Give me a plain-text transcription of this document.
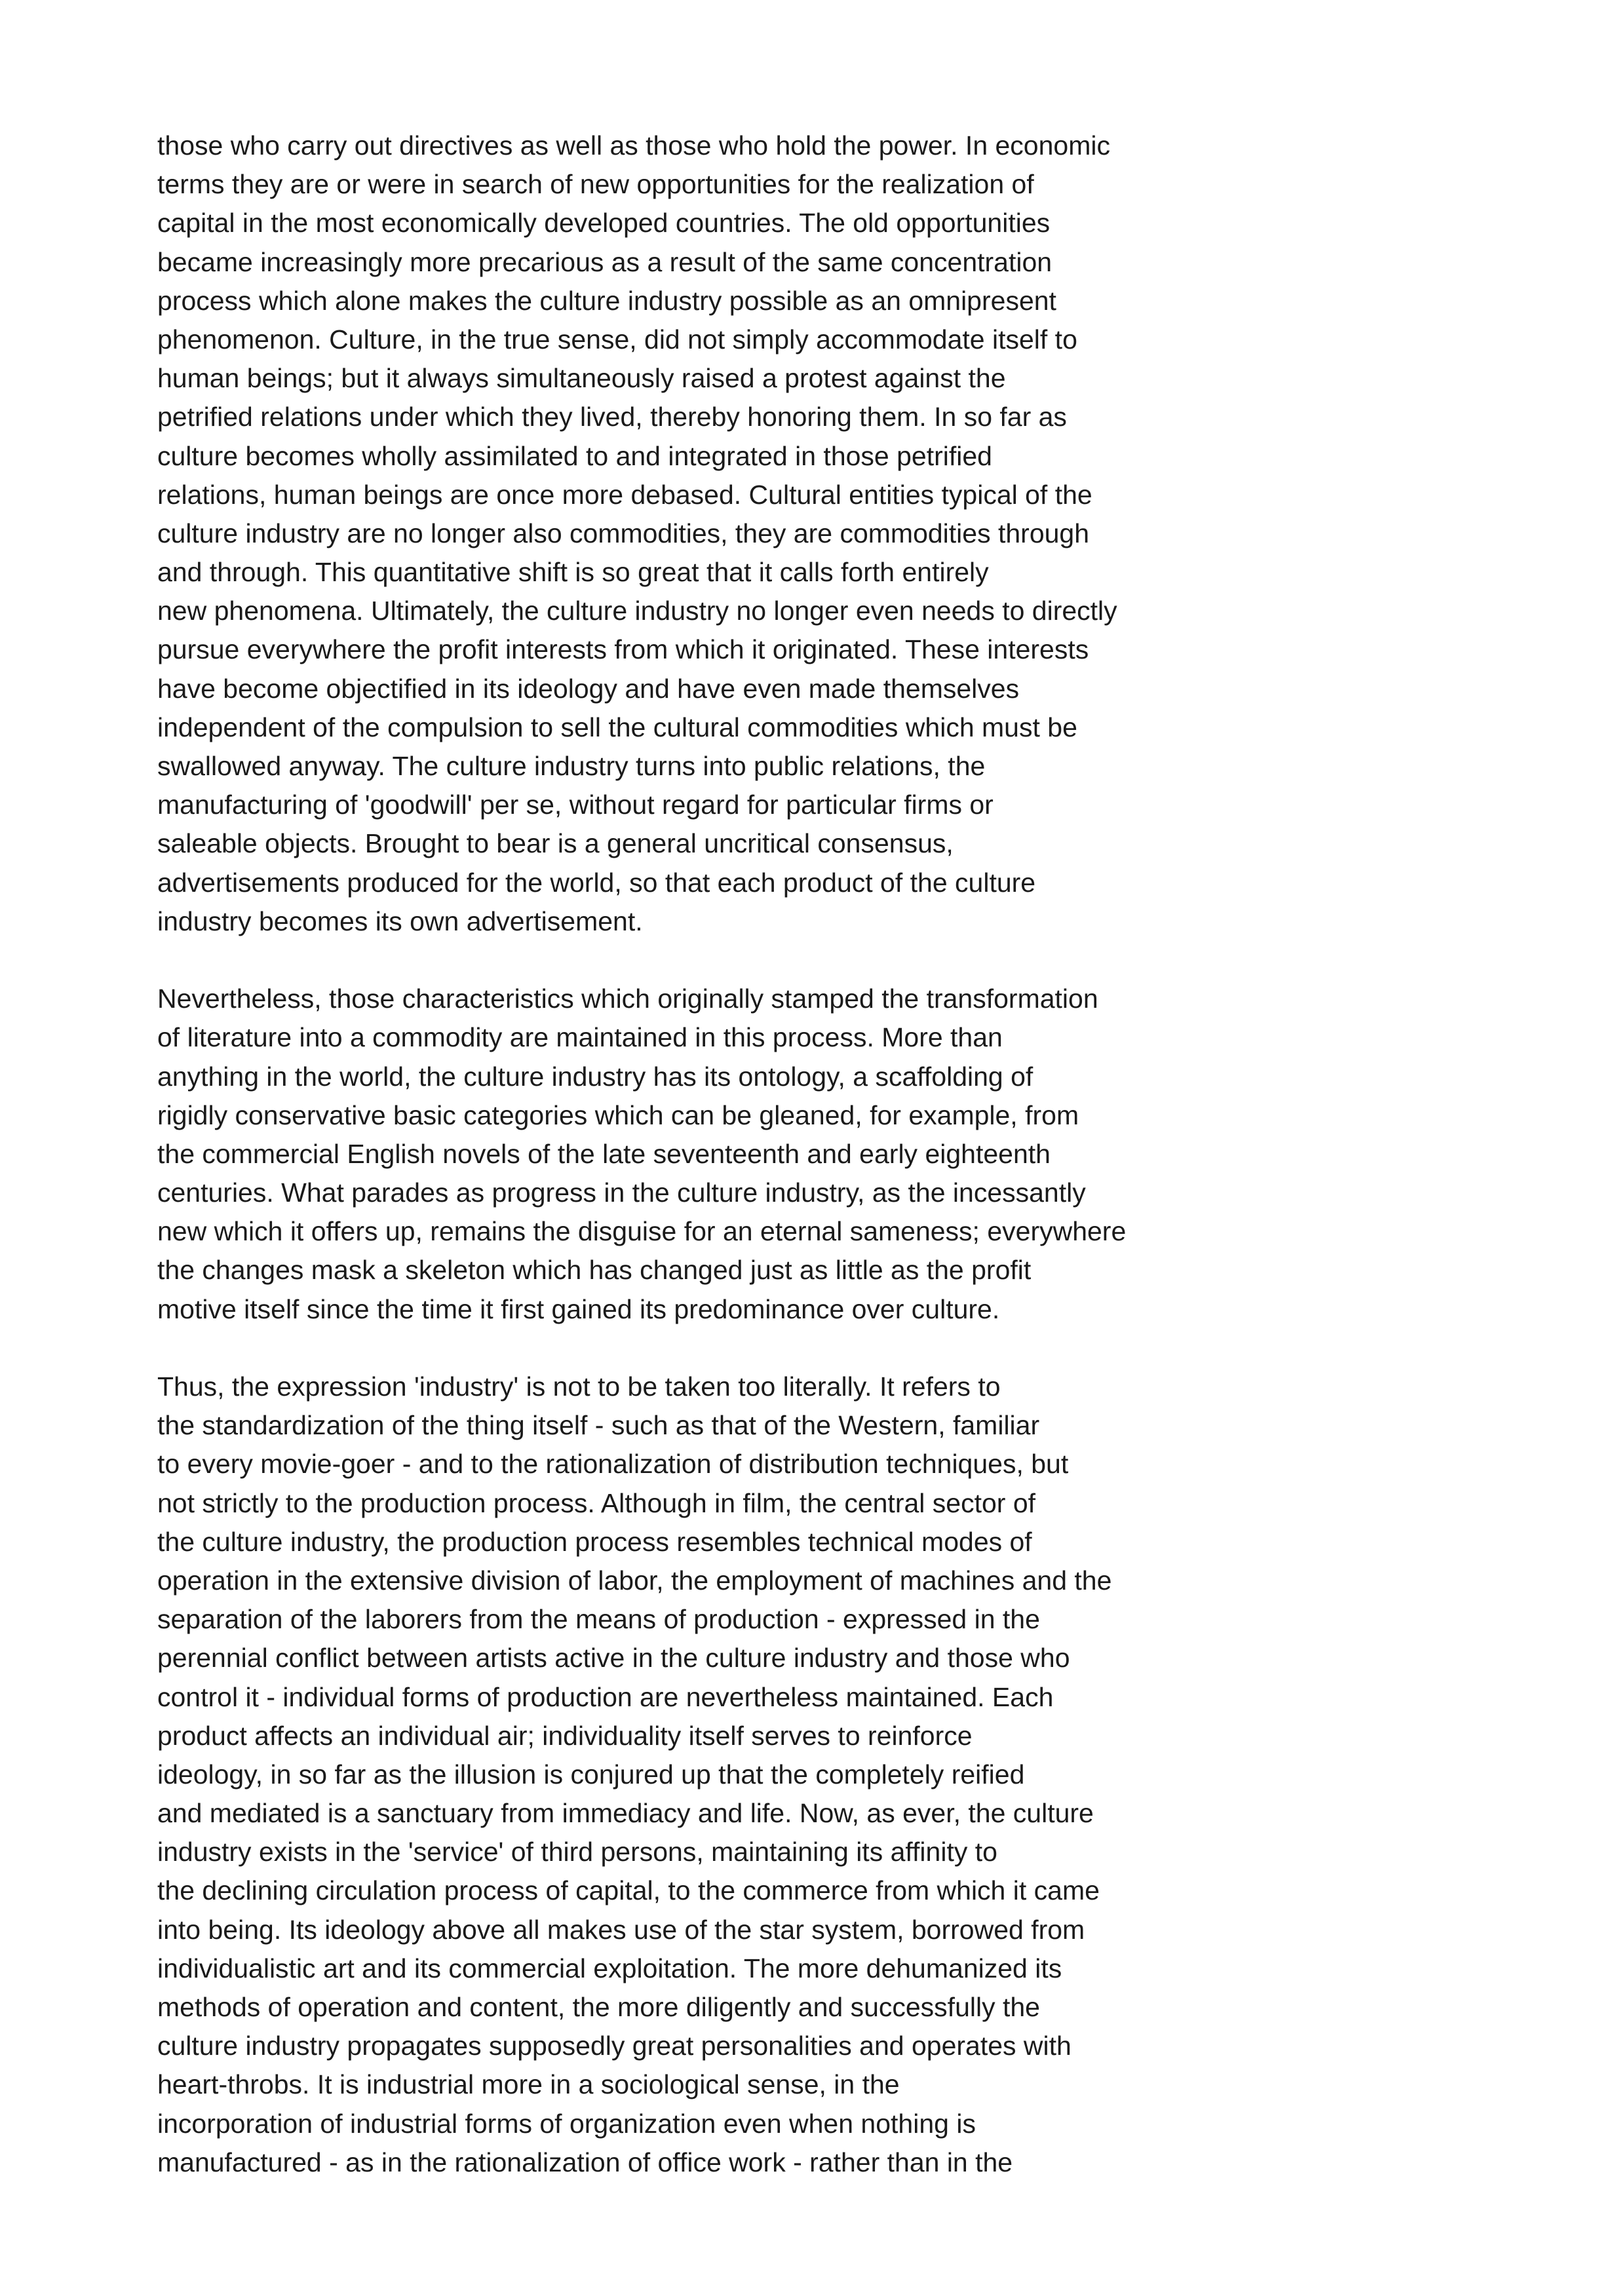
those who carry out directives as well as those who hold the power. In economic
terms they are or were in search of new opportunities for the realization of
capital in the most economically developed countries. The old opportunities
became increasingly more precarious as a result of the same concentration
process which alone makes the culture industry possible as an omnipresent
phenomenon. Culture, in the true sense, did not simply accommodate itself to
human beings; but it always simultaneously raised a protest against the
petrified relations under which they lived, thereby honoring them. In so far as
culture becomes wholly assimilated to and integrated in those petrified
relations, human beings are once more debased. Cultural entities typical of the
culture industry are no longer also commodities, they are commodities through
and through. This quantitative shift is so great that it calls forth entirely
new phenomena. Ultimately, the culture industry no longer even needs to directly
pursue everywhere the profit interests from which it originated. These interests
have become objectified in its ideology and have even made themselves
independent of the compulsion to sell the cultural commodities which must be
swallowed anyway. The culture industry turns into public relations, the
manufacturing of 'goodwill' per se, without regard for particular firms or
saleable objects. Brought to bear is a general uncritical consensus,
advertisements produced for the world, so that each product of the culture
industry becomes its own advertisement.
Nevertheless, those characteristics which originally stamped the transformation
of literature into a commodity are maintained in this process. More than
anything in the world, the culture industry has its ontology, a scaffolding of
rigidly conservative basic categories which can be gleaned, for example, from
the commercial English novels of the late seventeenth and early eighteenth
centuries. What parades as progress in the culture industry, as the incessantly
new which it offers up, remains the disguise for an eternal sameness; everywhere
the changes mask a skeleton which has changed just as little as the profit
motive itself since the time it first gained its predominance over culture.
Thus, the expression 'industry' is not to be taken too literally. It refers to
the standardization of the thing itself - such as that of the Western, familiar
to every movie-goer - and to the rationalization of distribution techniques, but
not strictly to the production process. Although in film, the central sector of
the culture industry, the production process resembles technical modes of
operation in the extensive division of labor, the employment of machines and the
separation of the laborers from the means of production - expressed in the
perennial conflict between artists active in the culture industry and those who
control it - individual forms of production are nevertheless maintained. Each
product affects an individual air; individuality itself serves to reinforce
ideology, in so far as the illusion is conjured up that the completely reified
and mediated is a sanctuary from immediacy and life. Now, as ever, the culture
industry exists in the 'service' of third persons, maintaining its affinity to
the declining circulation process of capital, to the commerce from which it came
into being. Its ideology above all makes use of the star system, borrowed from
individualistic art and its commercial exploitation. The more dehumanized its
methods of operation and content, the more diligently and successfully the
culture industry propagates supposedly great personalities and operates with
heart-throbs. It is industrial more in a sociological sense, in the
incorporation of industrial forms of organization even when nothing is
manufactured - as in the rationalization of office work - rather than in the
